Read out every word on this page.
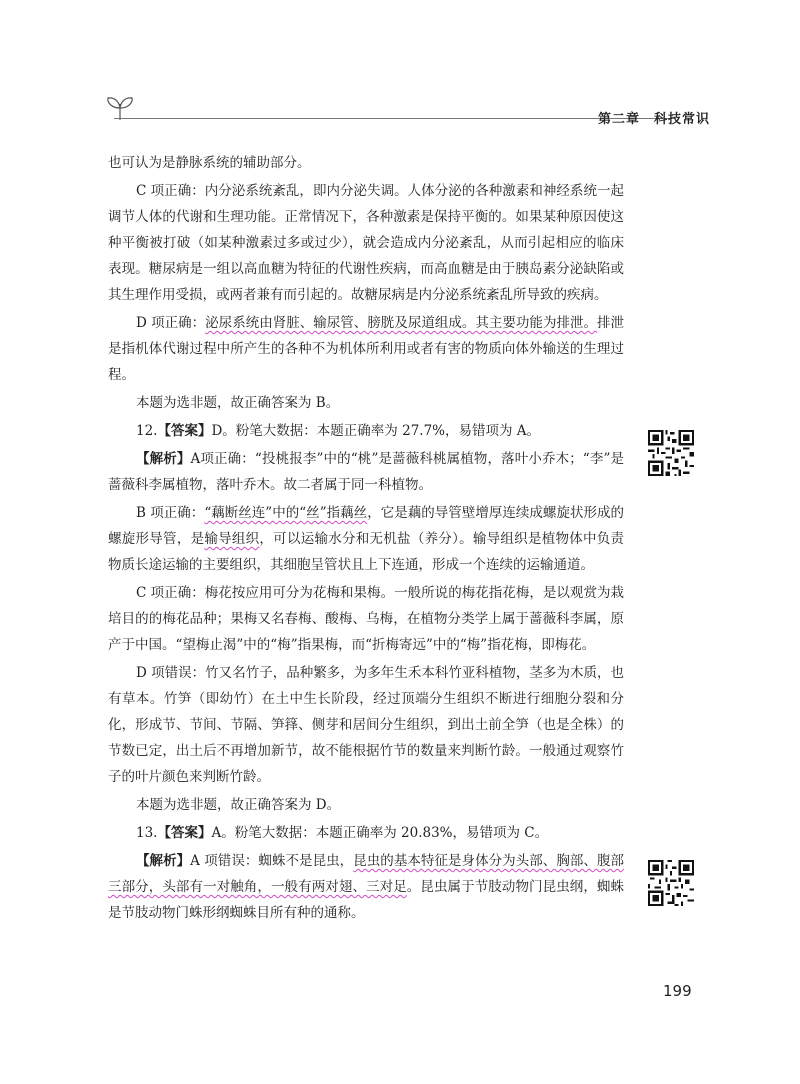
第二章 科技常识

也可认为是静脉系统的辅助部分。

C 项正确：内分泌系统紊乱，即内分泌失调。人体分泌的各种激素和神经系统一起调节人体的代谢和生理功能。正常情况下，各种激素是保持平衡的。如果某种原因使这种平衡被打破（如某种激素过多或过少），就会造成内分泌紊乱，从而引起相应的临床表现。糖尿病是一组以高血糖为特征的代谢性疾病，而高血糖是由于胰岛素分泌缺陷或其生理作用受损，或两者兼有而引起的。故糖尿病是内分泌系统紊乱所导致的疾病。

D 项正确：泌尿系统由肾脏、输尿管、膀胱及尿道组成。其主要功能为排泄。排泄是指机体代谢过程中所产生的各种不为机体所利用或者有害的物质向体外输送的生理过程。

本题为选非题，故正确答案为 B。

12.【答案】D。粉笔大数据：本题正确率为 27.7%，易错项为 A。

【解析】A项正确：“投桃报李”中的“桃”是蔷薇科桃属植物，落叶小乔木；“李”是蔷薇科李属植物，落叶乔木。故二者属于同一科植物。

B 项正确：“藕断丝连”中的“丝”指藕丝，它是藕的导管壁增厚连续成螺旋状形成的螺旋形导管，是输导组织，可以运输水分和无机盐（养分）。输导组织是植物体中负责物质长途运输的主要组织，其细胞呈管状且上下连通，形成一个连续的运输通道。

C 项正确：梅花按应用可分为花梅和果梅。一般所说的梅花指花梅，是以观赏为栽培目的的梅花品种；果梅又名春梅、酸梅、乌梅，在植物分类学上属于蔷薇科李属，原产于中国。“望梅止渴”中的“梅”指果梅，而“折梅寄远”中的“梅”指花梅，即梅花。

D 项错误：竹又名竹子，品种繁多，为多年生禾本科竹亚科植物，茎多为木质，也有草本。竹笋（即幼竹）在土中生长阶段，经过顶端分生组织不断进行细胞分裂和分化，形成节、节间、节隔、笋箨、侧芽和居间分生组织，到出土前全笋（也是全株）的节数已定，出土后不再增加新节，故不能根据竹节的数量来判断竹龄。一般通过观察竹子的叶片颜色来判断竹龄。

本题为选非题，故正确答案为 D。

13.【答案】A。粉笔大数据：本题正确率为 20.83%，易错项为 C。

【解析】A 项错误：蜘蛛不是昆虫，昆虫的基本特征是身体分为头部、胸部、腹部三部分，头部有一对触角，一般有两对翅、三对足。昆虫属于节肢动物门昆虫纲，蜘蛛是节肢动物门蛛形纲蜘蛛目所有种的通称。

199
